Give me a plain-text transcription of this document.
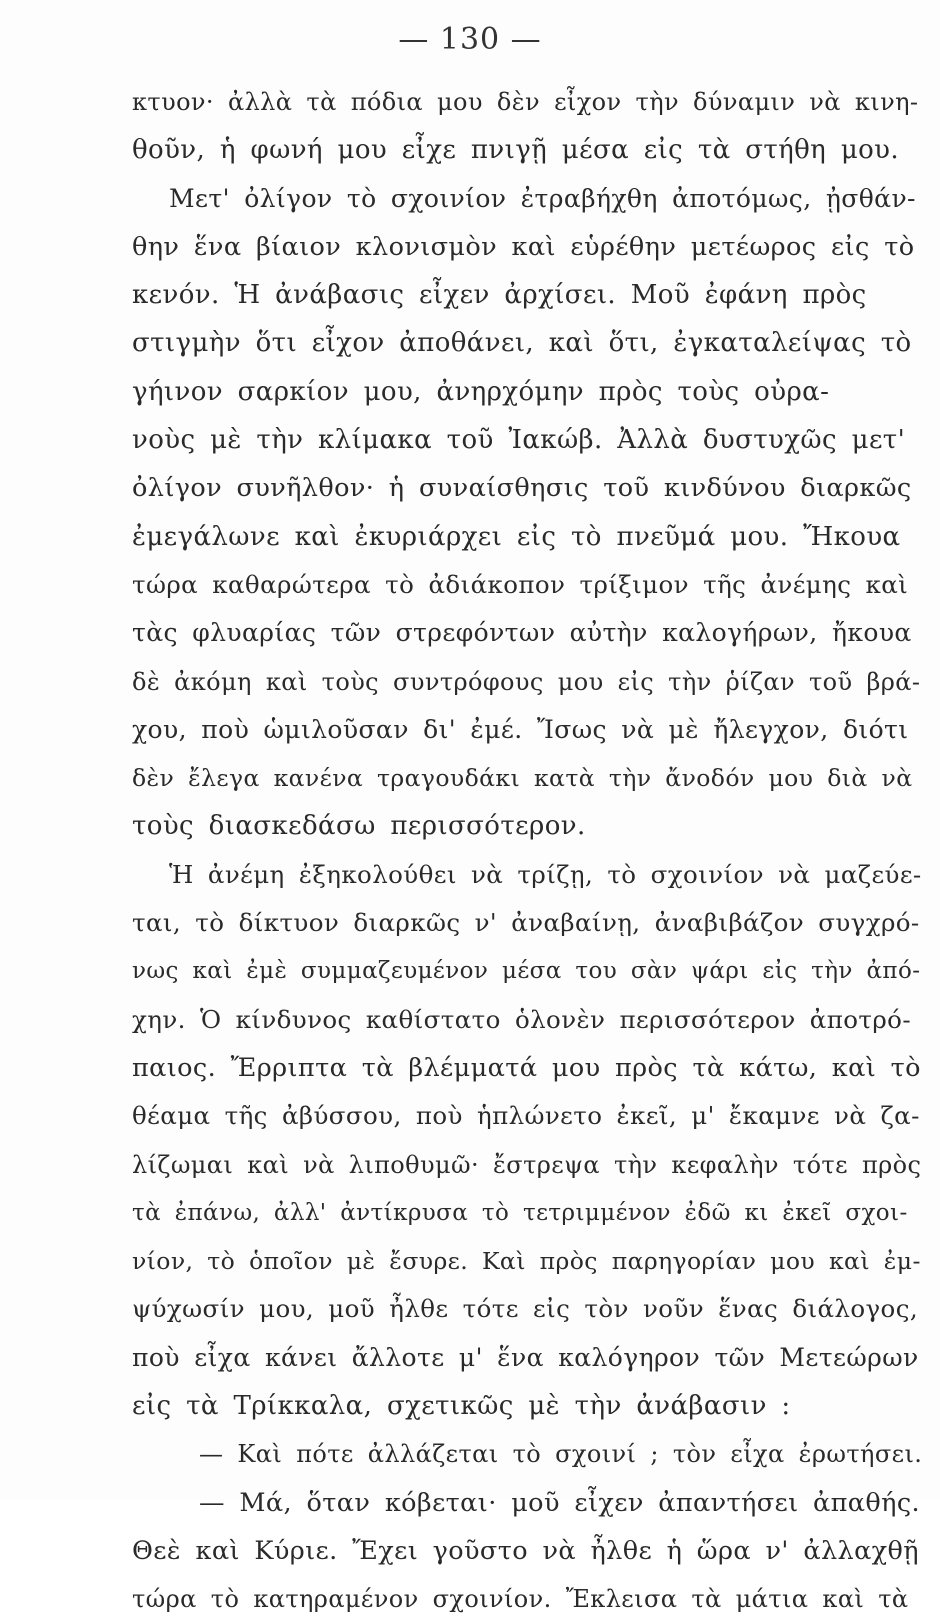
— 130 —
κτυον· ἀλλὰ τὰ πόδια μου δὲν εἶχον τὴν δύναμιν νὰ κινη-
θοῦν, ἡ φωνή μου εἶχε πνιγῇ μέσα εἰς τὰ στήθη μου.
Μετ' ὀλίγον τὸ σχοινίον ἐτραβήχθη ἀποτόμως, ᾐσθάν-
θην ἕνα βίαιον κλονισμὸν καὶ εὑρέθην μετέωρος εἰς τὸ
κενόν. Ἡ ἀνάβασις εἶχεν ἀρχίσει. Μοῦ ἐφάνη πρὸς
στιγμὴν ὅτι εἶχον ἀποθάνει, καὶ ὅτι, ἐγκαταλείψας τὸ
γήινον σαρκίον μου, ἀνηρχόμην πρὸς τοὺς οὐρα-
νοὺς μὲ τὴν κλίμακα τοῦ Ἰακώβ. Ἀλλὰ δυστυχῶς μετ'
ὀλίγον συνῆλθον· ἡ συναίσθησις τοῦ κινδύνου διαρκῶς
ἐμεγάλωνε καὶ ἐκυριάρχει εἰς τὸ πνεῦμά μου. Ἤκουα
τώρα καθαρώτερα τὸ ἀδιάκοπον τρίξιμον τῆς ἀνέμης καὶ
τὰς φλυαρίας τῶν στρεφόντων αὐτὴν καλογήρων, ἤκουα
δὲ ἀκόμη καὶ τοὺς συντρόφους μου εἰς τὴν ῥίζαν τοῦ βρά-
χου, ποὺ ὡμιλοῦσαν δι' ἐμέ. Ἴσως νὰ μὲ ἤλεγχον, διότι
δὲν ἔλεγα κανένα τραγουδάκι κατὰ τὴν ἄνοδόν μου διὰ νὰ
τοὺς διασκεδάσω περισσότερον.
Ἡ ἀνέμη ἐξηκολούθει νὰ τρίζῃ, τὸ σχοινίον νὰ μαζεύε-
ται, τὸ δίκτυον διαρκῶς ν' ἀναβαίνῃ, ἀναβιβάζον συγχρό-
νως καὶ ἐμὲ συμμαζευμένον μέσα του σὰν ψάρι εἰς τὴν ἀπό-
χην. Ὁ κίνδυνος καθίστατο ὁλονὲν περισσότερον ἀποτρό-
παιος. Ἔρριπτα τὰ βλέμματά μου πρὸς τὰ κάτω, καὶ τὸ
θέαμα τῆς ἀβύσσου, ποὺ ἡπλώνετο ἐκεῖ, μ' ἔκαμνε νὰ ζα-
λίζωμαι καὶ νὰ λιποθυμῶ· ἔστρεψα τὴν κεφαλὴν τότε πρὸς
τὰ ἐπάνω, ἀλλ' ἀντίκρυσα τὸ τετριμμένον ἐδῶ κι ἐκεῖ σχοι-
νίον, τὸ ὁποῖον μὲ ἔσυρε. Καὶ πρὸς παρηγορίαν μου καὶ ἐμ-
ψύχωσίν μου, μοῦ ἦλθε τότε εἰς τὸν νοῦν ἕνας διάλογος,
ποὺ εἶχα κάνει ἄλλοτε μ' ἕνα καλόγηρον τῶν Μετεώρων
εἰς τὰ Τρίκκαλα, σχετικῶς μὲ τὴν ἀνάβασιν :
— Καὶ πότε ἀλλάζεται τὸ σχοινί ; τὸν εἶχα ἐρωτήσει.
— Μά, ὅταν κόβεται· μοῦ εἶχεν ἀπαντήσει ἀπαθής.
Θεὲ καὶ Κύριε. Ἔχει γοῦστο νὰ ἦλθε ἡ ὥρα ν' ἀλλαχθῇ
τώρα τὸ κατηραμένον σχοινίον. Ἔκλεισα τὰ μάτια καὶ τὰ
